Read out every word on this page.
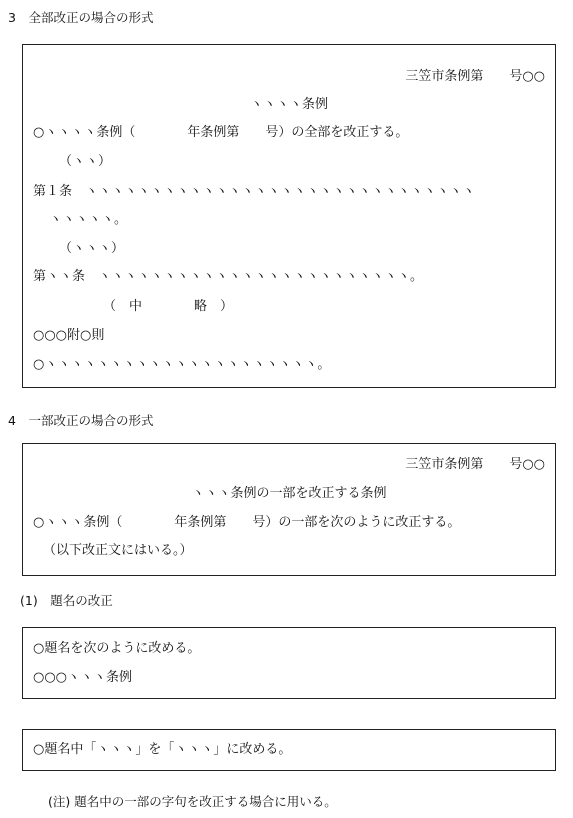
3　全部改正の場合の形式
三笠市条例第　　号○○
ヽヽヽヽ条例
○ヽヽヽヽ条例（　　　　年条例第　　号）の全部を改正する。
（ヽヽ）
第１条　ヽヽヽヽヽヽヽヽヽヽヽヽヽヽヽヽヽヽヽヽヽヽヽヽヽヽヽヽヽヽ
ヽヽヽヽヽ。
（ヽヽヽ）
第ヽヽ条　ヽヽヽヽヽヽヽヽヽヽヽヽヽヽヽヽヽヽヽヽヽヽヽヽ。
（　中　　　　略　）
○○○附○則
○ヽヽヽヽヽヽヽヽヽヽヽヽヽヽヽヽヽヽヽヽヽ。
4　一部改正の場合の形式
三笠市条例第　　号○○
ヽヽヽ条例の一部を改正する条例
○ヽヽヽ条例（　　　　年条例第　　号）の一部を次のように改正する。
（以下改正文にはいる。）
(1)　題名の改正
○題名を次のように改める。
○○○ヽヽヽ条例
○題名中「ヽヽヽ」を「ヽヽヽ」に改める。
(注) 題名中の一部の字句を改正する場合に用いる。
